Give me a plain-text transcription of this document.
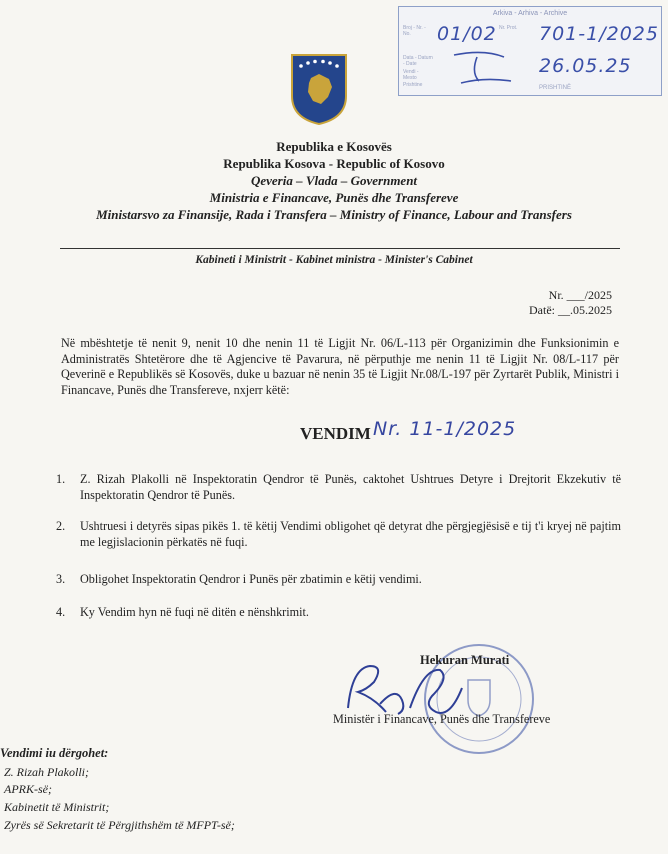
Arkiva - Arhiva - Archive
Broj - Nr. - No.
Nr. Prot.
Data - Datum - Date
Vendi - Mesto
Prishtine
01/02 701-1/2025
26.05.25
PRISHTINË
Republika e Kosovës
Republika Kosova - Republic of Kosovo
Qeveria – Vlada – Government
Ministria e Financave, Punës dhe Transfereve
Ministarsvo za Finansije, Rada i Transfera – Ministry of Finance, Labour and Transfers
Kabineti i Ministrit - Kabinet ministra - Minister's Cabinet
Nr. ___/2025
Datë: __.05.2025
Në mbështetje të nenit 9, nenit 10 dhe nenin 11 të Ligjit Nr. 06/L-113 për Organizimin dhe Funksionimin e Administratës Shtetërore dhe të Agjencive të Pavarura, në përputhje me nenin 11 të Ligjit Nr. 08/L-117 për Qeverinë e Republikës së Kosovës, duke u bazuar në nenin 35 të Ligjit Nr.08/L-197 për Zyrtarët Publik, Ministri i Financave, Punës dhe Transfereve, nxjerr këtë:
VENDIM Nr. 11-1/2025
1.	Z. Rizah Plakolli në Inspektoratin Qendror të Punës, caktohet Ushtrues Detyre i Drejtorit Ekzekutiv të Inspektoratin Qendror të Punës.
2.	Ushtruesi i detyrës sipas pikës 1. të këtij Vendimi obligohet që detyrat dhe përgjegjësisë e tij t'i kryej në pajtim me legjislacionin përkatës në fuqi.
3.	Obligohet Inspektoratin Qendror i Punës për zbatimin e këtij vendimi.
4.	Ky Vendim hyn në fuqi në ditën e nënshkrimit.
Hekuran Murati
Ministër i Financave, Punës dhe Transfereve
Vendimi iu dërgohet:
Z. Rizah Plakolli;
APRK-së;
Kabinetit të Ministrit;
Zyrës së Sekretarit të Përgjithshëm të MFPT-së;
